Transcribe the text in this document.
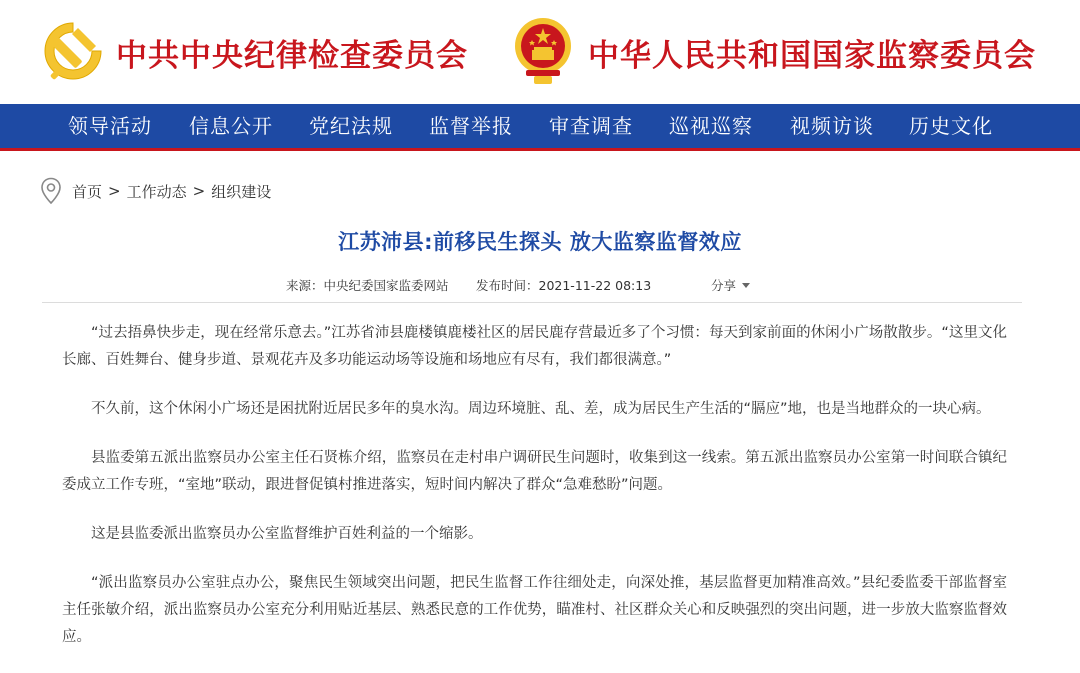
中共中央纪律检查委员会	中华人民共和国国家监察委员会
领导活动 信息公开 党纪法规 监督举报 审查调查 巡视巡察 视频访谈 历史文化
首页 > 工作动态 > 组织建设
江苏沛县:前移民生探头 放大监察监督效应
来源：中央纪委国家监委网站 发布时间：2021-11-22 08:13	分享

“过去捂鼻快步走，现在经常乐意去。”江苏省沛县鹿楼镇鹿楼社区的居民鹿存营最近多了个习惯：每天到家前面的休闲小广场散散步。“这里文化长廊、百姓舞台、健身步道、景观花卉及多功能运动场等设施和场地应有尽有，我们都很满意。”

不久前，这个休闲小广场还是困扰附近居民多年的臭水沟。周边环境脏、乱、差，成为居民生产生活的“膈应”地，也是当地群众的一块心病。

县监委第五派出监察员办公室主任石贤栋介绍，监察员在走村串户调研民生问题时，收集到这一线索。第五派出监察员办公室第一时间联合镇纪委成立工作专班，“室地”联动，跟进督促镇村推进落实，短时间内解决了群众“急难愁盼”问题。

这是县监委派出监察员办公室监督维护百姓利益的一个缩影。

“派出监察员办公室驻点办公，聚焦民生领域突出问题，把民生监督工作往细处走，向深处推，基层监督更加精准高效。”县纪委监委干部监督室主任张敏介绍，派出监察员办公室充分利用贴近基层、熟悉民意的工作优势，瞄准村、社区群众关心和反映强烈的突出问题，进一步放大监察监督效应。
